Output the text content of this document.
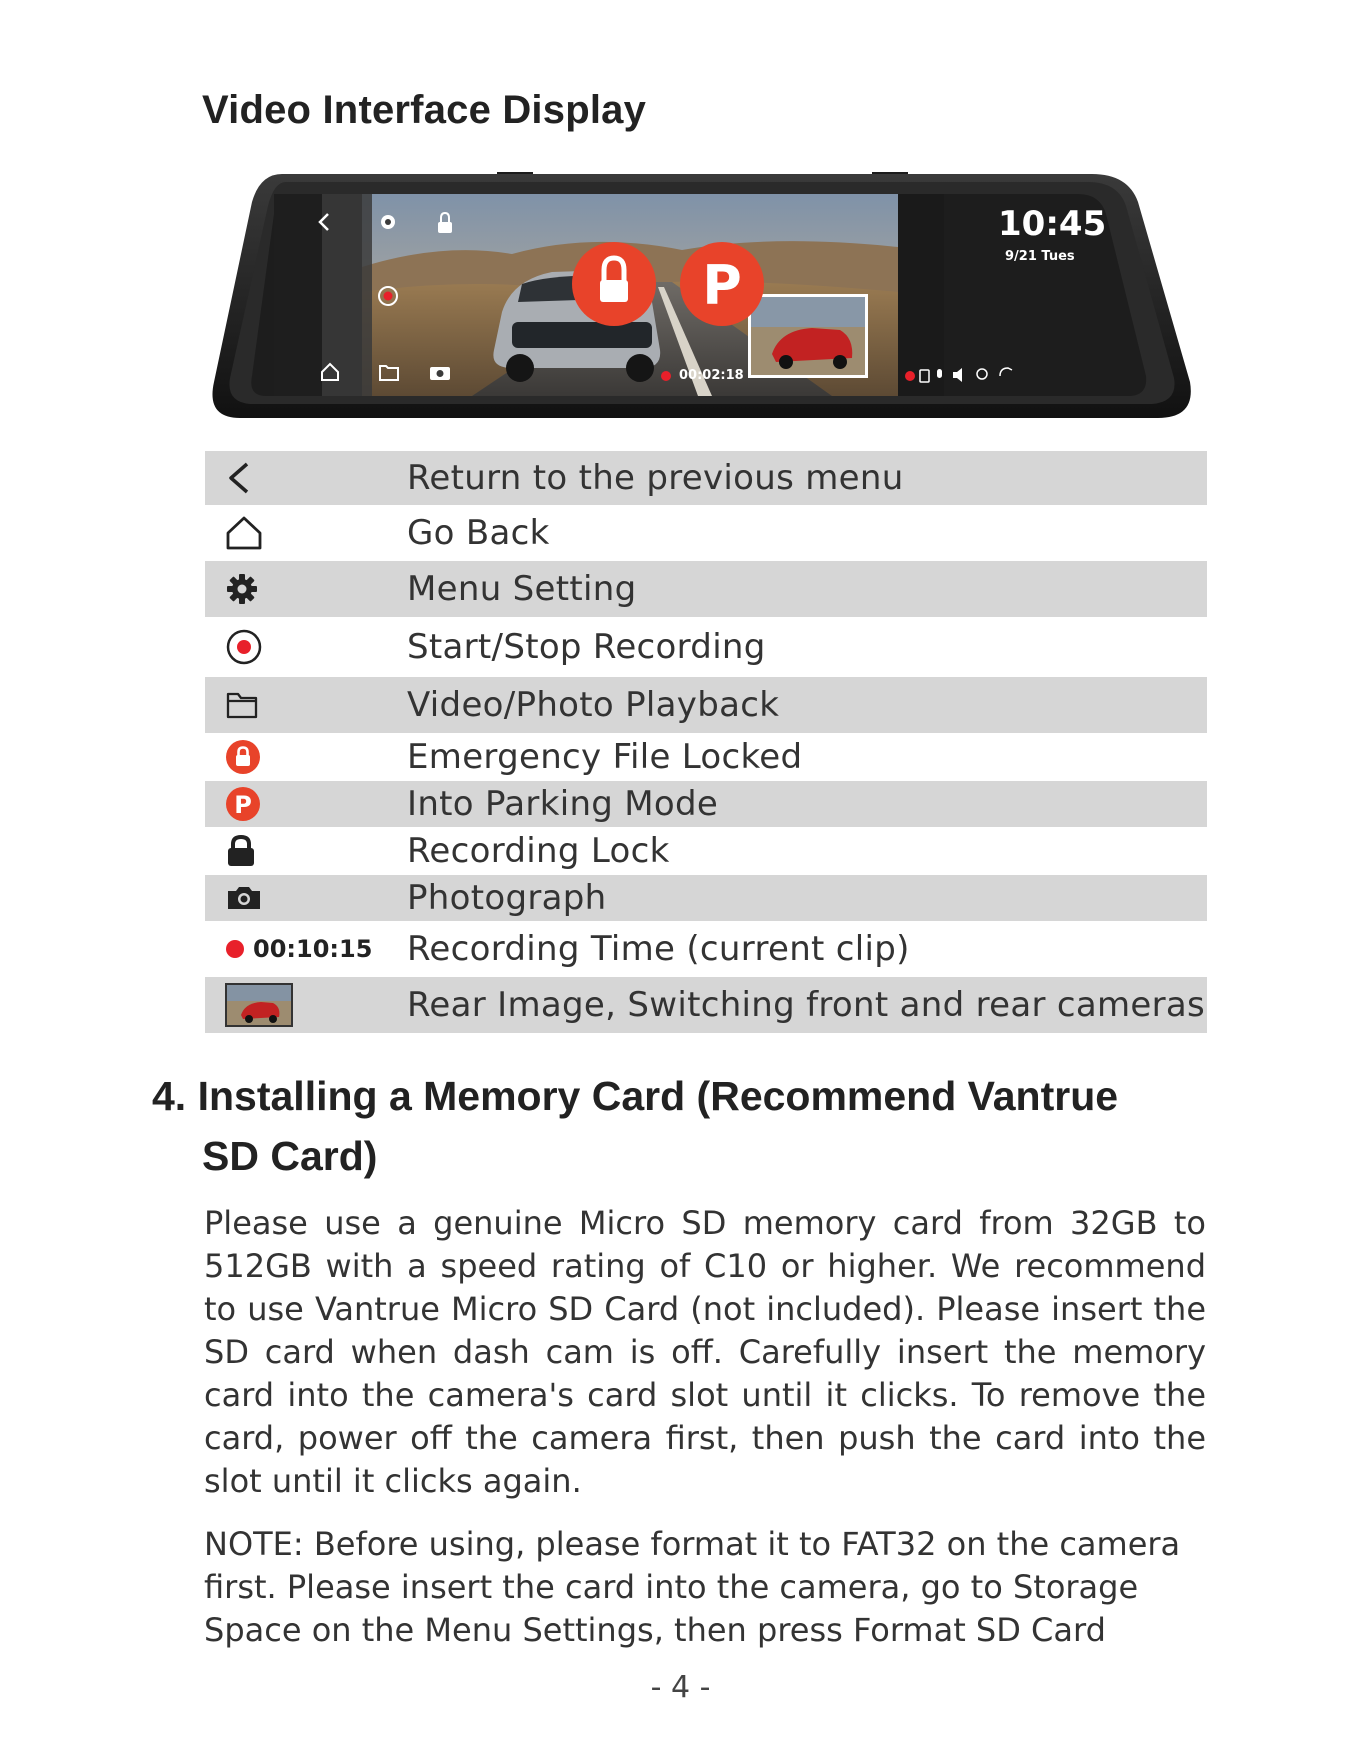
Video Interface Display
P
10:45
9/21 Tues
00:02:18
Return to the previous menu
Go Back
Menu Setting
Start/Stop Recording
Video/Photo Playback
Emergency File Locked
P	Into Parking Mode
Recording Lock
Photograph
00:10:15 Recording Time (current clip)
Rear Image, Switching front and rear cameras
4. Installing a Memory Card (Recommend Vantrue
SD Card)

Please use a genuine Micro SD memory card from 32GB to 512GB with a speed rating of C10 or higher. We recommend to use Vantrue Micro SD Card (not included). Please insert the SD card when dash cam is off. Carefully insert the memory card into the camera's card slot until it clicks. To remove the card, power off the camera first, then push the card into the slot until it clicks again.

NOTE: Before using, please format it to FAT32 on the camera
first. Please insert the card into the camera, go to Storage
Space on the Menu Settings, then press Format SD Card
- 4 -
